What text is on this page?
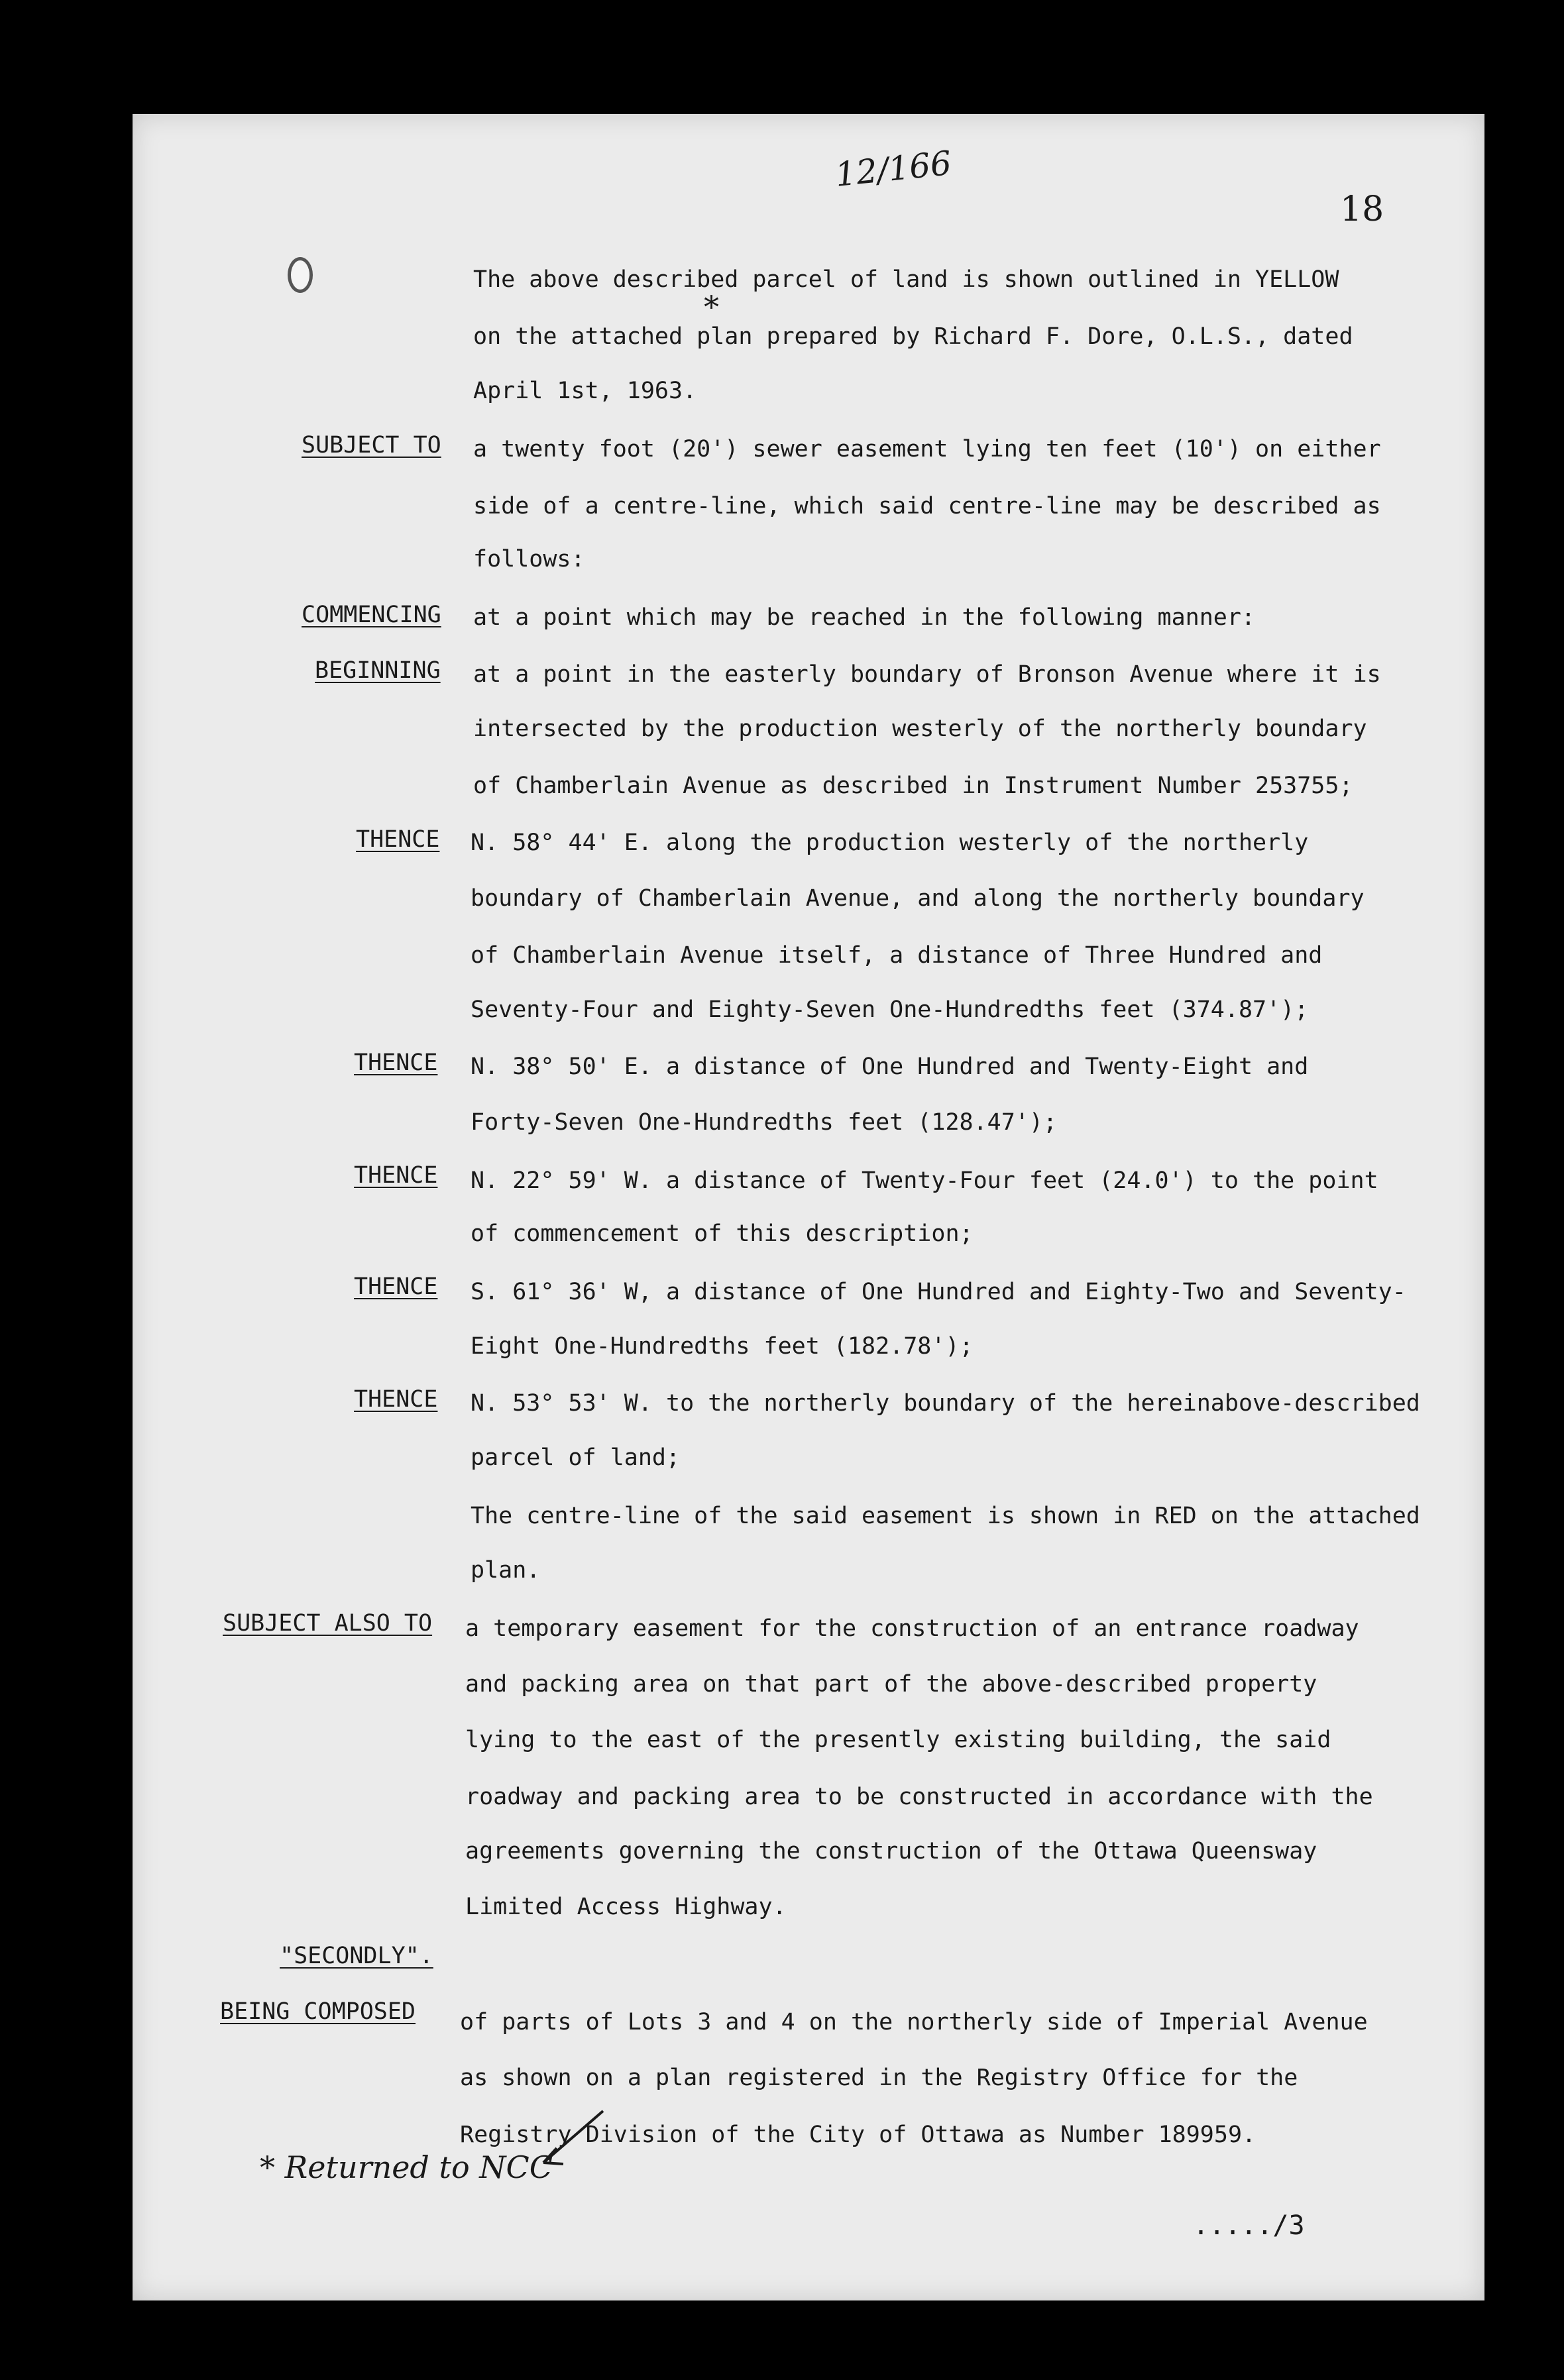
18
12/166
*
SUBJECT TO
COMMENCING
BEGINNING
THENCE
THENCE
THENCE
THENCE
THENCE
SUBJECT ALSO TO
"SECONDLY".
BEING COMPOSED
The above described parcel of land is shown outlined in YELLOW
on the attached plan prepared by Richard F. Dore, O.L.S., dated
April 1st, 1963.
a twenty foot (20') sewer easement lying ten feet (10') on either
side of a centre-line, which said centre-line may be described as
follows:
at a point which may be reached in the following manner:
at a point in the easterly boundary of Bronson Avenue where it is
intersected by the production westerly of the northerly boundary
of Chamberlain Avenue as described in Instrument Number 253755;
N. 58° 44' E. along the production westerly of the northerly
boundary of Chamberlain Avenue, and along the northerly boundary
of Chamberlain Avenue itself, a distance of Three Hundred and
Seventy-Four and Eighty-Seven One-Hundredths feet (374.87');
N. 38° 50' E. a distance of One Hundred and Twenty-Eight and
Forty-Seven One-Hundredths feet (128.47');
N. 22° 59' W. a distance of Twenty-Four feet (24.0') to the point
of commencement of this description;
S. 61° 36' W, a distance of One Hundred and Eighty-Two and Seventy-
Eight One-Hundredths feet (182.78');
N. 53° 53' W. to the northerly boundary of the hereinabove-described
parcel of land;
The centre-line of the said easement is shown in RED on the attached
plan.
a temporary easement for the construction of an entrance roadway
and packing area on that part of the above-described property
lying to the east of the presently existing building, the said
roadway and packing area to be constructed in accordance with the
agreements governing the construction of the Ottawa Queensway
Limited Access Highway.
of parts of Lots 3 and 4 on the northerly side of Imperial Avenue
as shown on a plan registered in the Registry Office for the
Registry Division of the City of Ottawa as Number 189959.
* Returned to NCC
...../3
